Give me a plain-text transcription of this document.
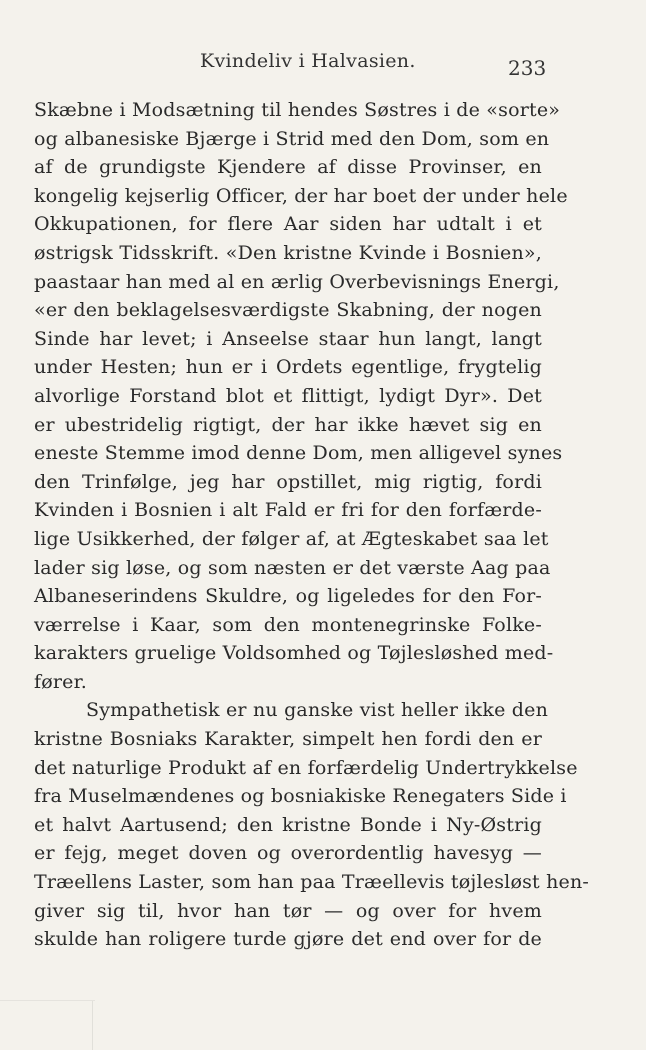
Kvindeliv i Halvasien.	233
Skæbne i Modsætning til hendes Søstres i de «sorte»
og albanesiske Bjærge i Strid med den Dom, som en
af de grundigste Kjendere af disse Provinser, en
kongelig kejserlig Officer, der har boet der under hele
Okkupationen, for flere Aar siden har udtalt i et
østrigsk Tidsskrift. «Den kristne Kvinde i Bosnien»,
paastaar han med al en ærlig Overbevisnings Energi,
«er den beklagelsesværdigste Skabning, der nogen
Sinde har levet; i Anseelse staar hun langt, langt
under Hesten; hun er i Ordets egentlige, frygtelig
alvorlige Forstand blot et flittigt, lydigt Dyr». Det
er ubestridelig rigtigt, der har ikke hævet sig en
eneste Stemme imod denne Dom, men alligevel synes
den Trinfølge, jeg har opstillet, mig rigtig, fordi
Kvinden i Bosnien i alt Fald er fri for den forfærde-
lige Usikkerhed, der følger af, at Ægteskabet saa let
lader sig løse, og som næsten er det værste Aag paa
Albaneserindens Skuldre, og ligeledes for den For-
værrelse i Kaar, som den montenegrinske Folke-
karakters gruelige Voldsomhed og Tøjlesløshed med-
fører.
Sympathetisk er nu ganske vist heller ikke den
kristne Bosniaks Karakter, simpelt hen fordi den er
det naturlige Produkt af en forfærdelig Undertrykkelse
fra Muselmændenes og bosniakiske Renegaters Side i
et halvt Aartusend; den kristne Bonde i Ny-Østrig
er fejg, meget doven og overordentlig havesyg —
Træellens Laster, som han paa Træellevis tøjlesløst hen-
giver sig til, hvor han tør — og over for hvem
skulde han roligere turde gjøre det end over for de
